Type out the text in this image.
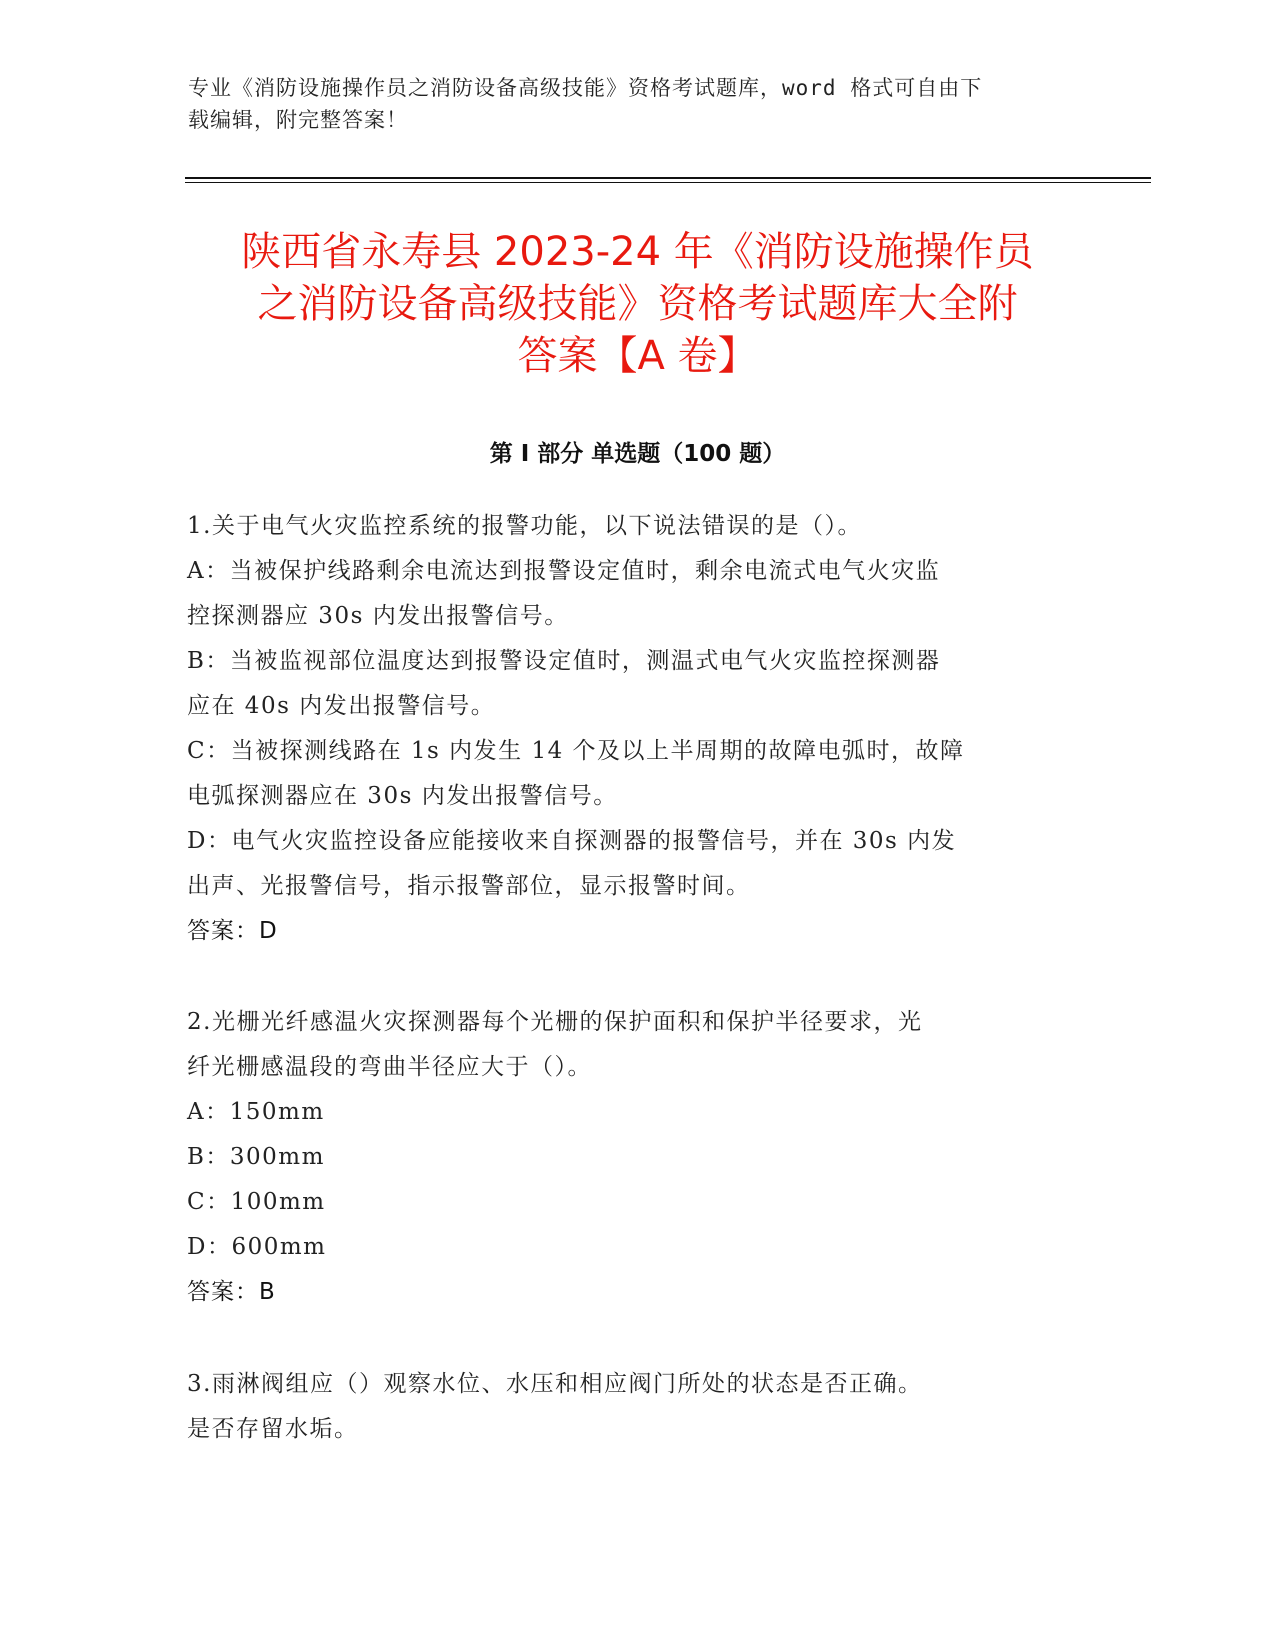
专业《消防设施操作员之消防设备高级技能》资格考试题库，word 格式可自由下
载编辑，附完整答案！
陕西省永寿县 2023-24 年《消防设施操作员
之消防设备高级技能》资格考试题库大全附
答案【A 卷】
第 I 部分 单选题（100 题）
1.关于电气火灾监控系统的报警功能，以下说法错误的是（）。
A：当被保护线路剩余电流达到报警设定值时，剩余电流式电气火灾监
控探测器应 30s 内发出报警信号。
B：当被监视部位温度达到报警设定值时，测温式电气火灾监控探测器
应在 40s 内发出报警信号。
C：当被探测线路在 1s 内发生 14 个及以上半周期的故障电弧时，故障
电弧探测器应在 30s 内发出报警信号。
D：电气火灾监控设备应能接收来自探测器的报警信号，并在 30s 内发
出声、光报警信号，指示报警部位，显示报警时间。
答案：D
2.光栅光纤感温火灾探测器每个光栅的保护面积和保护半径要求，光
纤光栅感温段的弯曲半径应大于（）。
A：150mm
B：300mm
C：100mm
D：600mm
答案：B
3.雨淋阀组应（）观察水位、水压和相应阀门所处的状态是否正确。
是否存留水垢。
